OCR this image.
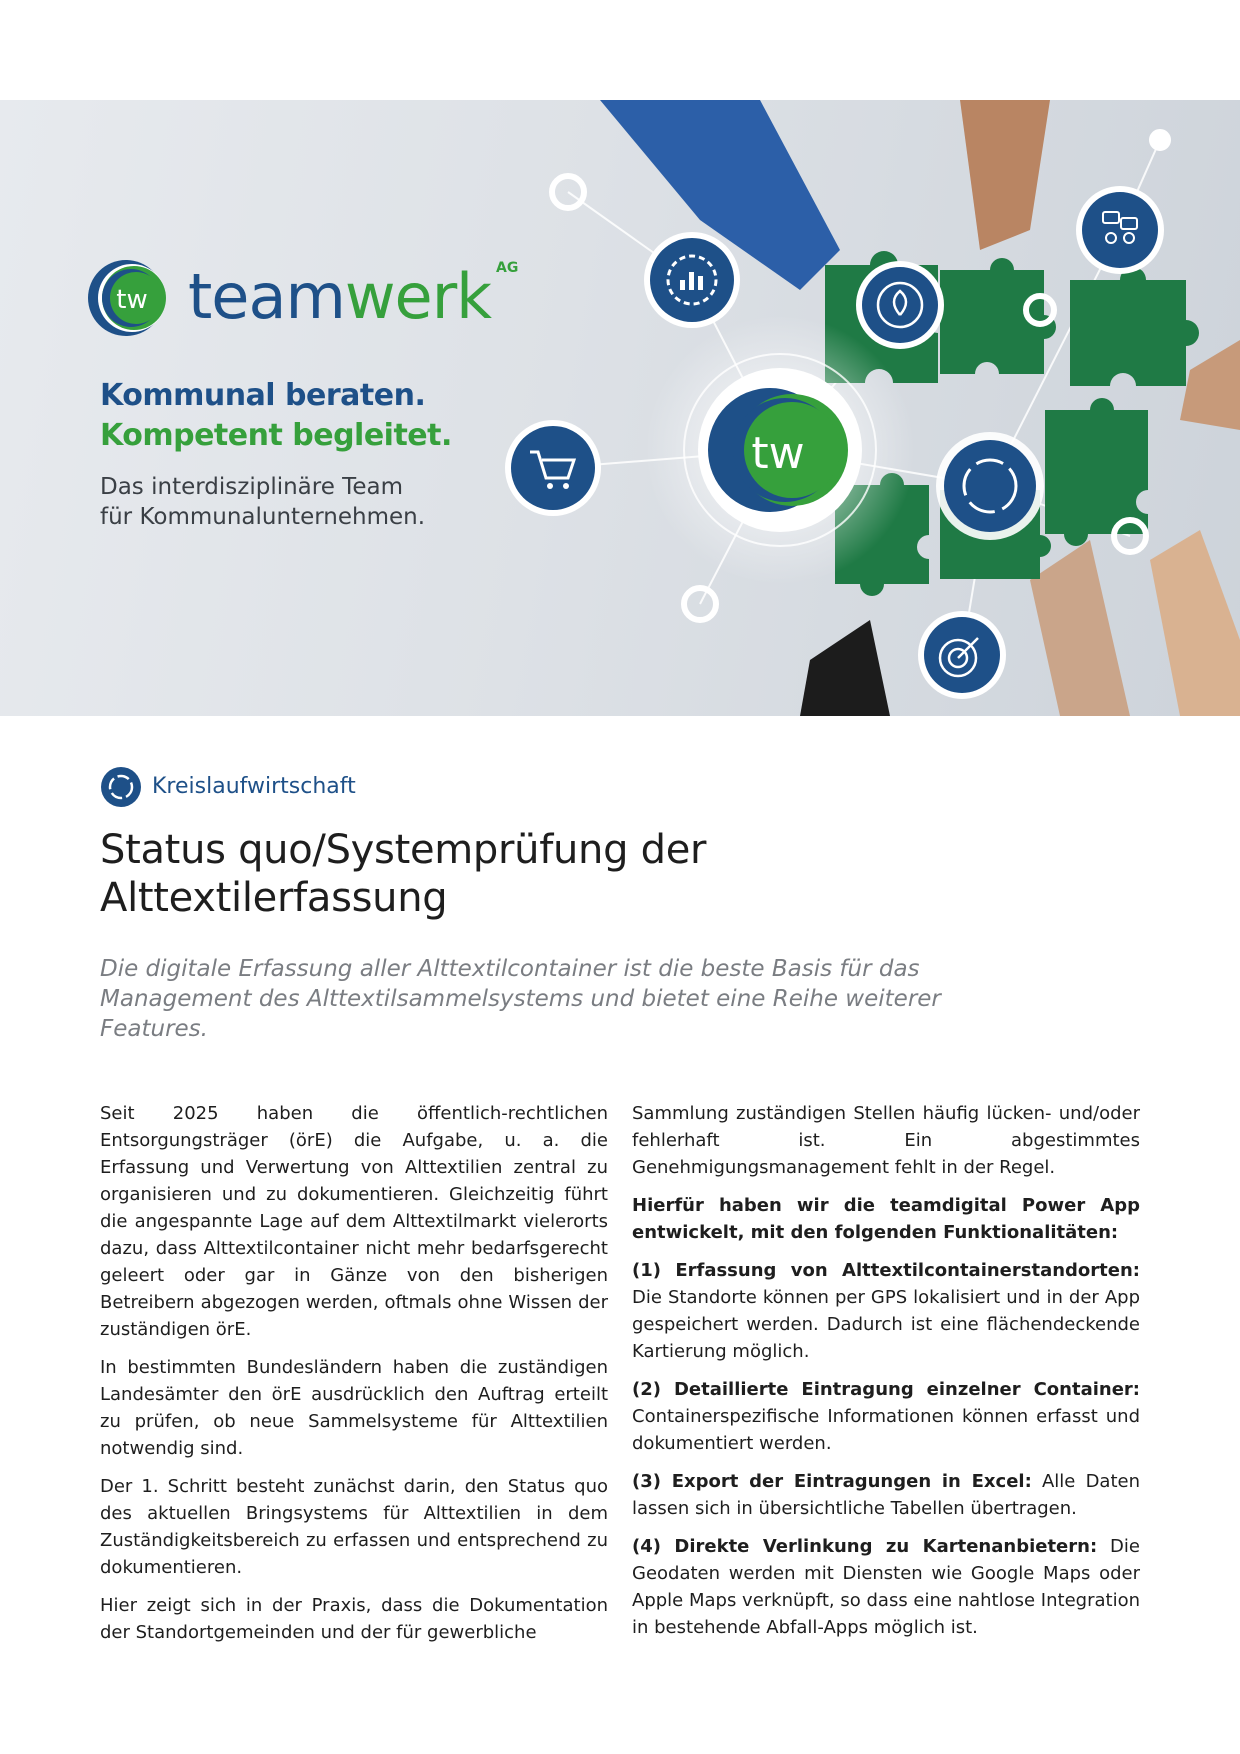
tw
tw teamwerk AG
Kommunal beraten.
Kompetent begleitet.
Das interdisziplinäre Team
für Kommunalunternehmen.
Kreislaufwirtschaft
Status quo/Systemprüfung der Alttextilerfassung
Die digitale Erfassung aller Alttextilcontainer ist die beste Basis für das Management des Alttextilsammelsystems und bietet eine Reihe weiterer Features.

Seit 2025 haben die öffentlich-rechtlichen Entsorgungsträger (örE) die Aufgabe, u. a. die Erfassung und Verwertung von Alttextilien zentral zu organisieren und zu dokumentieren. Gleichzeitig führt die angespannte Lage auf dem Alttextilmarkt vielerorts dazu, dass Alttextilcontainer nicht mehr bedarfsgerecht geleert oder gar in Gänze von den bisherigen Betreibern abgezogen werden, oftmals ohne Wissen der zuständigen örE.

In bestimmten Bundesländern haben die zuständigen Landesämter den örE ausdrücklich den Auftrag erteilt zu prüfen, ob neue Sammelsysteme für Alttextilien notwendig sind.

Der 1. Schritt besteht zunächst darin, den Status quo des aktuellen Bringsystems für Alttextilien in dem Zuständigkeitsbereich zu erfassen und entsprechend zu dokumentieren.

Hier zeigt sich in der Praxis, dass die Dokumentation der Standortgemeinden und der für gewerbliche

Sammlung zuständigen Stellen häufig lücken- und/oder fehlerhaft ist. Ein abgestimmtes Genehmigungsmanagement fehlt in der Regel.

Hierfür haben wir die teamdigital Power App entwickelt, mit den folgenden Funktionalitäten:

(1) Erfassung von Alttextilcontainerstandorten: Die Standorte können per GPS lokalisiert und in der App gespeichert werden. Dadurch ist eine flächendeckende Kartierung möglich.

(2) Detaillierte Eintragung einzelner Container: Containerspezifische Informationen können erfasst und dokumentiert werden.

(3) Export der Eintragungen in Excel: Alle Daten lassen sich in übersichtliche Tabellen übertragen.

(4) Direkte Verlinkung zu Kartenanbietern: Die Geodaten werden mit Diensten wie Google Maps oder Apple Maps verknüpft, so dass eine nahtlose Integration in bestehende Abfall-Apps möglich ist.
